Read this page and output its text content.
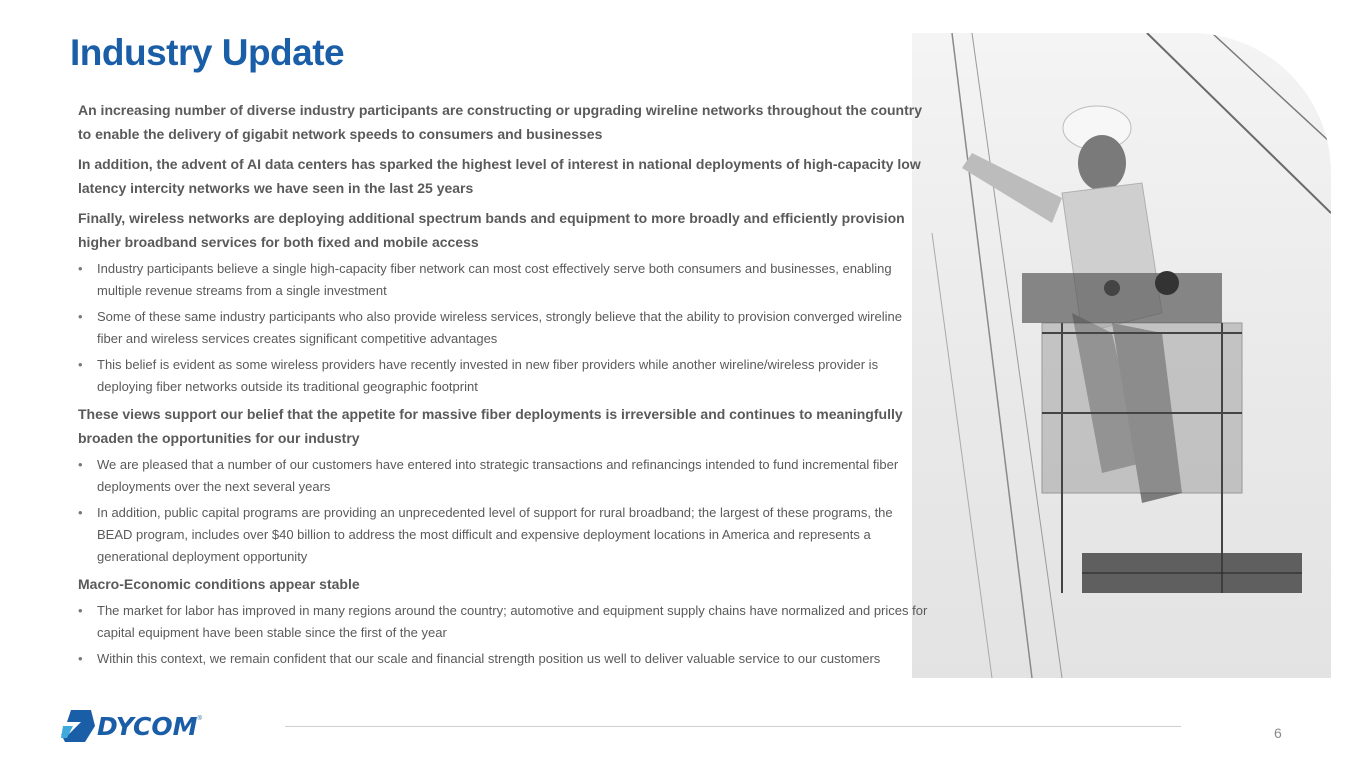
Industry Update

An increasing number of diverse industry participants are constructing or upgrading wireline networks throughout the country to enable the delivery of gigabit network speeds to consumers and businesses

In addition, the advent of AI data centers has sparked the highest level of interest in national deployments of high-capacity low latency intercity networks we have seen in the last 25 years

Finally, wireless networks are deploying additional spectrum bands and equipment to more broadly and efficiently provision higher broadband services for both fixed and mobile access

• Industry participants believe a single high-capacity fiber network can most cost effectively serve both consumers and businesses, enabling multiple revenue streams from a single investment
• Some of these same industry participants who also provide wireless services, strongly believe that the ability to provision converged wireline fiber and wireless services creates significant competitive advantages
• This belief is evident as some wireless providers have recently invested in new fiber providers while another wireline/wireless provider is deploying fiber networks outside its traditional geographic footprint

These views support our belief that the appetite for massive fiber deployments is irreversible and continues to meaningfully broaden the opportunities for our industry

• We are pleased that a number of our customers have entered into strategic transactions and refinancings intended to fund incremental fiber deployments over the next several years
• In addition, public capital programs are providing an unprecedented level of support for rural broadband; the largest of these programs, the BEAD program, includes over $40 billion to address the most difficult and expensive deployment locations in America and represents a generational deployment opportunity

Macro-Economic conditions appear stable

• The market for labor has improved in many regions around the country; automotive and equipment supply chains have normalized and prices for capital equipment have been stable since the first of the year
• Within this context, we remain confident that our scale and financial strength position us well to deliver valuable service to our customers
DYCOM ®
6
